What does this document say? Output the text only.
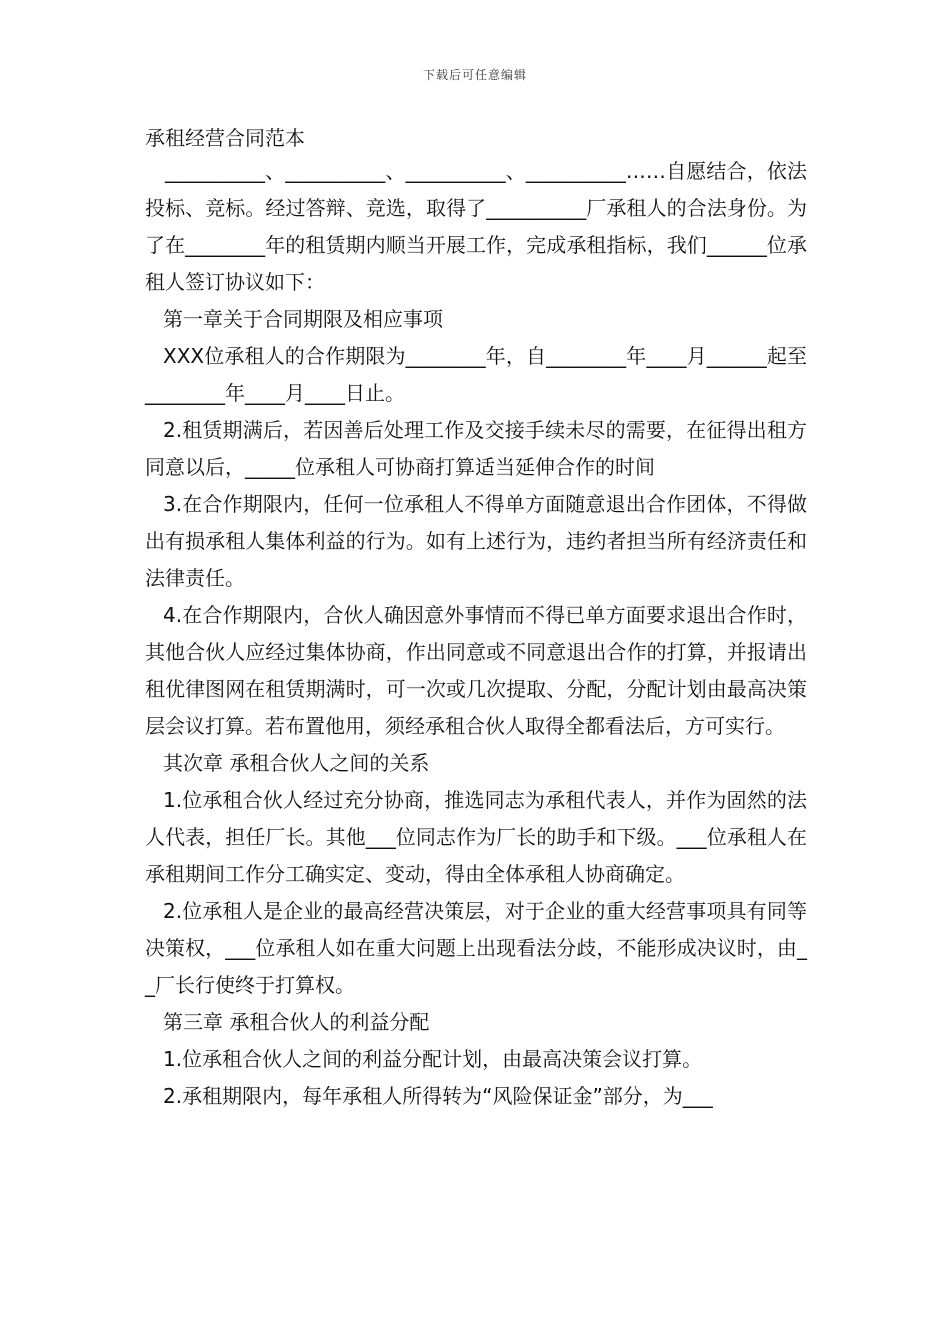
下载后可任意编辑
承租经营合同范本

__________、__________、__________、__________……自愿结合，依法投标、竞标。经过答辩、竞选，取得了__________厂承租人的合法身份。为了在________年的租赁期内顺当开展工作，完成承租指标，我们______位承租人签订协议如下：

第一章关于合同期限及相应事项

XXX位承租人的合作期限为________年，自________年____月______起至________年____月____日止。

2.租赁期满后，若因善后处理工作及交接手续未尽的需要，在征得出租方同意以后，_____位承租人可协商打算适当延伸合作的时间

3.在合作期限内，任何一位承租人不得单方面随意退出合作团体，不得做出有损承租人集体利益的行为。如有上述行为，违约者担当所有经济责任和法律责任。

4.在合作期限内，合伙人确因意外事情而不得已单方面要求退出合作时，其他合伙人应经过集体协商，作出同意或不同意退出合作的打算，并报请出租优律图网在租赁期满时，可一次或几次提取、分配，分配计划由最高决策层会议打算。若布置他用，须经承租合伙人取得全都看法后，方可实行。

其次章 承租合伙人之间的关系

1.位承租合伙人经过充分协商，推选同志为承租代表人，并作为固然的法人代表，担任厂长。其他___位同志作为厂长的助手和下级。___位承租人在承租期间工作分工确实定、变动，得由全体承租人协商确定。

2.位承租人是企业的最高经营决策层，对于企业的重大经营事项具有同等决策权，___位承租人如在重大问题上出现看法分歧，不能形成决议时，由__厂长行使终于打算权。

第三章 承租合伙人的利益分配

1.位承租合伙人之间的利益分配计划，由最高决策会议打算。

2.承租期限内，每年承租人所得转为“风险保证金”部分，为___
